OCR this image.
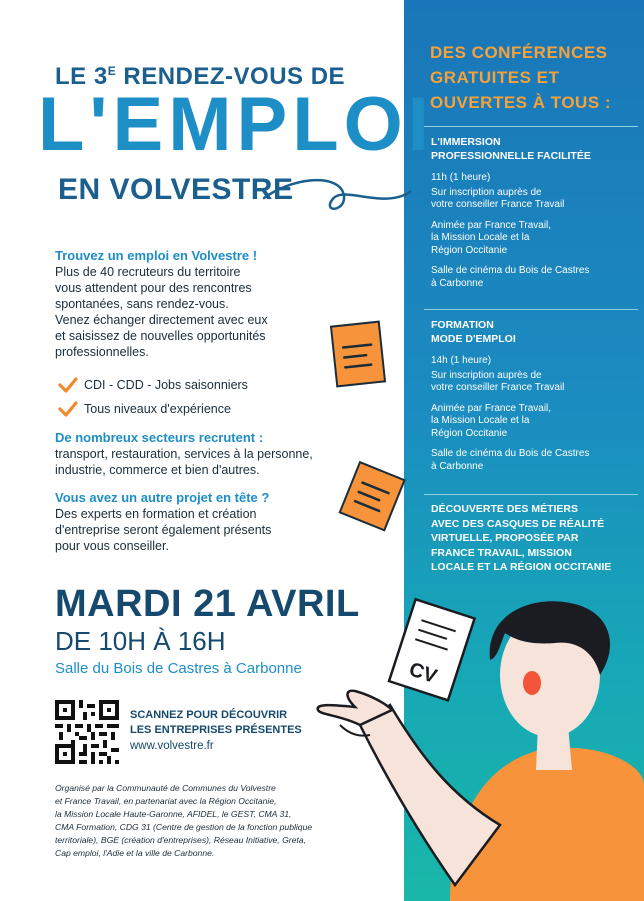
DES CONFÉRENCES
GRATUITES ET
OUVERTES À TOUS :
L'IMMERSION
PROFESSIONNELLE FACILITÉE
11h (1 heure)
Sur inscription auprès de
votre conseiller France Travail
Animée par France Travail,
la Mission Locale et la
Région Occitanie
Salle de cinéma du Bois de Castres
à Carbonne
FORMATION
MODE D'EMPLOI
14h (1 heure)
Sur inscription auprès de
votre conseiller France Travail
Animée par France Travail,
la Mission Locale et la
Région Occitanie
Salle de cinéma du Bois de Castres
à Carbonne
DÉCOUVERTE DES MÉTIERS
AVEC DES CASQUES DE RÉALITÉ
VIRTUELLE, PROPOSÉE PAR
FRANCE TRAVAIL, MISSION
LOCALE ET LA RÉGION OCCITANIE
LE $3^E$ RENDEZ-VOUS DE
L'EMPLOI
EN VOLVESTRE
Trouvez un emploi en Volvestre !
Plus de 40 recruteurs du territoire
vous attendent pour des rencontres
spontanées, sans rendez-vous.
Venez échanger directement avec eux
et saisissez de nouvelles opportunités
professionnelles.
CDI - CDD - Jobs saisonniers
Tous niveaux d'expérience
De nombreux secteurs recrutent :
transport, restauration, services à la personne,
industrie, commerce et bien d'autres.
Vous avez un autre projet en tête ?
Des experts en formation et création
d'entreprise seront également présents
pour vous conseiller.
MARDI 21 AVRIL
DE 10H À 16H
Salle du Bois de Castres à Carbonne
SCANNEZ POUR DÉCOUVRIR
LES ENTREPRISES PRÉSENTES
www.volvestre.fr
Organisé par la Communauté de Communes du Volvestre
et France Travail, en partenariat avec la Région Occitanie,
la Mission Locale Haute-Garonne, AFIDEL, le GEST, CMA 31,
CMA Formation, CDG 31 (Centre de gestion de la fonction publique
territoriale), BGE (création d'entreprises), Réseau Initiative, Greta,
Cap emploi, l'Adie et la ville de Carbonne.
CV
